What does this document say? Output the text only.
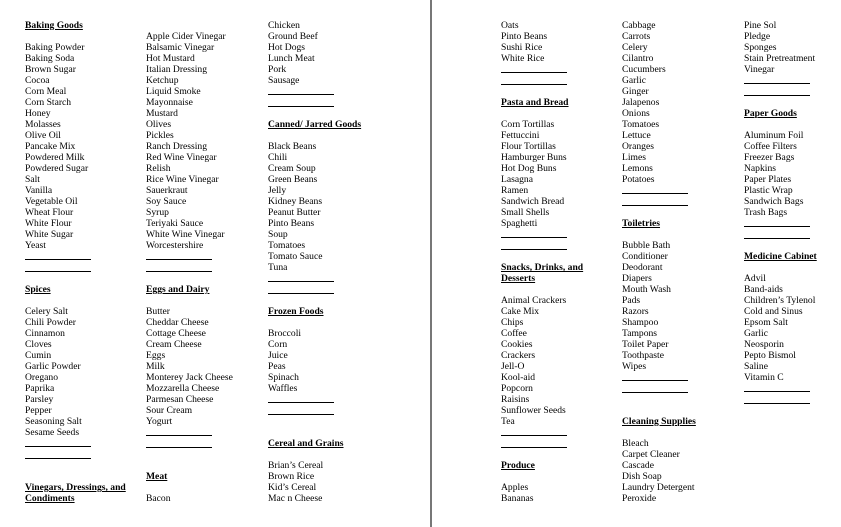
Baking Goods
Baking Powder
Baking Soda
Brown Sugar
Cocoa
Corn Meal
Corn Starch
Honey
Molasses
Olive Oil
Pancake Mix
Powdered Milk
Powdered Sugar
Salt
Vanilla
Vegetable Oil
Wheat Flour
White Flour
White Sugar
Yeast
Spices
Celery Salt
Chili Powder
Cinnamon
Cloves
Cumin
Garlic Powder
Oregano
Paprika
Parsley
Pepper
Seasoning Salt
Sesame Seeds
Vinegars, Dressings, and Condiments
Apple Cider Vinegar
Balsamic Vinegar
Hot Mustard
Italian Dressing
Ketchup
Liquid Smoke
Mayonnaise
Mustard
Olives
Pickles
Ranch Dressing
Red Wine Vinegar
Relish
Rice Wine Vinegar
Sauerkraut
Soy Sauce
Syrup
Teriyaki Sauce
White Wine Vinegar
Worcestershire
Eggs and Dairy
Butter
Cheddar Cheese
Cottage Cheese
Cream Cheese
Eggs
Milk
Monterey Jack Cheese
Mozzarella Cheese
Parmesan Cheese
Sour Cream
Yogurt
Meat
Bacon
Chicken
Ground Beef
Hot Dogs
Lunch Meat
Pork
Sausage
Canned/ Jarred Goods
Black Beans
Chili
Cream Soup
Green Beans
Jelly
Kidney Beans
Peanut Butter
Pinto Beans
Soup
Tomatoes
Tomato Sauce
Tuna
Frozen Foods
Broccoli
Corn
Juice
Peas
Spinach
Waffles
Cereal and Grains
Brian’s Cereal
Brown Rice
Kid’s Cereal
Mac n Cheese
Oats
Pinto Beans
Sushi Rice
White Rice
Pasta and Bread
Corn Tortillas
Fettuccini
Flour Tortillas
Hamburger Buns
Hot Dog Buns
Lasagna
Ramen
Sandwich Bread
Small Shells
Spaghetti
Snacks, Drinks, and Desserts
Animal Crackers
Cake Mix
Chips
Coffee
Cookies
Crackers
Jell-O
Kool-aid
Popcorn
Raisins
Sunflower Seeds
Tea
Produce
Apples
Bananas
Cabbage
Carrots
Celery
Cilantro
Cucumbers
Garlic
Ginger
Jalapenos
Onions
Tomatoes
Lettuce
Oranges
Limes
Lemons
Potatoes
Toiletries
Bubble Bath
Conditioner
Deodorant
Diapers
Mouth Wash
Pads
Razors
Shampoo
Tampons
Toilet Paper
Toothpaste
Wipes
Cleaning Supplies
Bleach
Carpet Cleaner
Cascade
Dish Soap
Laundry Detergent
Peroxide
Pine Sol
Pledge
Sponges
Stain Pretreatment
Vinegar
Paper Goods
Aluminum Foil
Coffee Filters
Freezer Bags
Napkins
Paper Plates
Plastic Wrap
Sandwich Bags
Trash Bags
Medicine Cabinet
Advil
Band-aids
Children’s Tylenol
Cold and Sinus
Epsom Salt
Garlic
Neosporin
Pepto Bismol
Saline
Vitamin C
